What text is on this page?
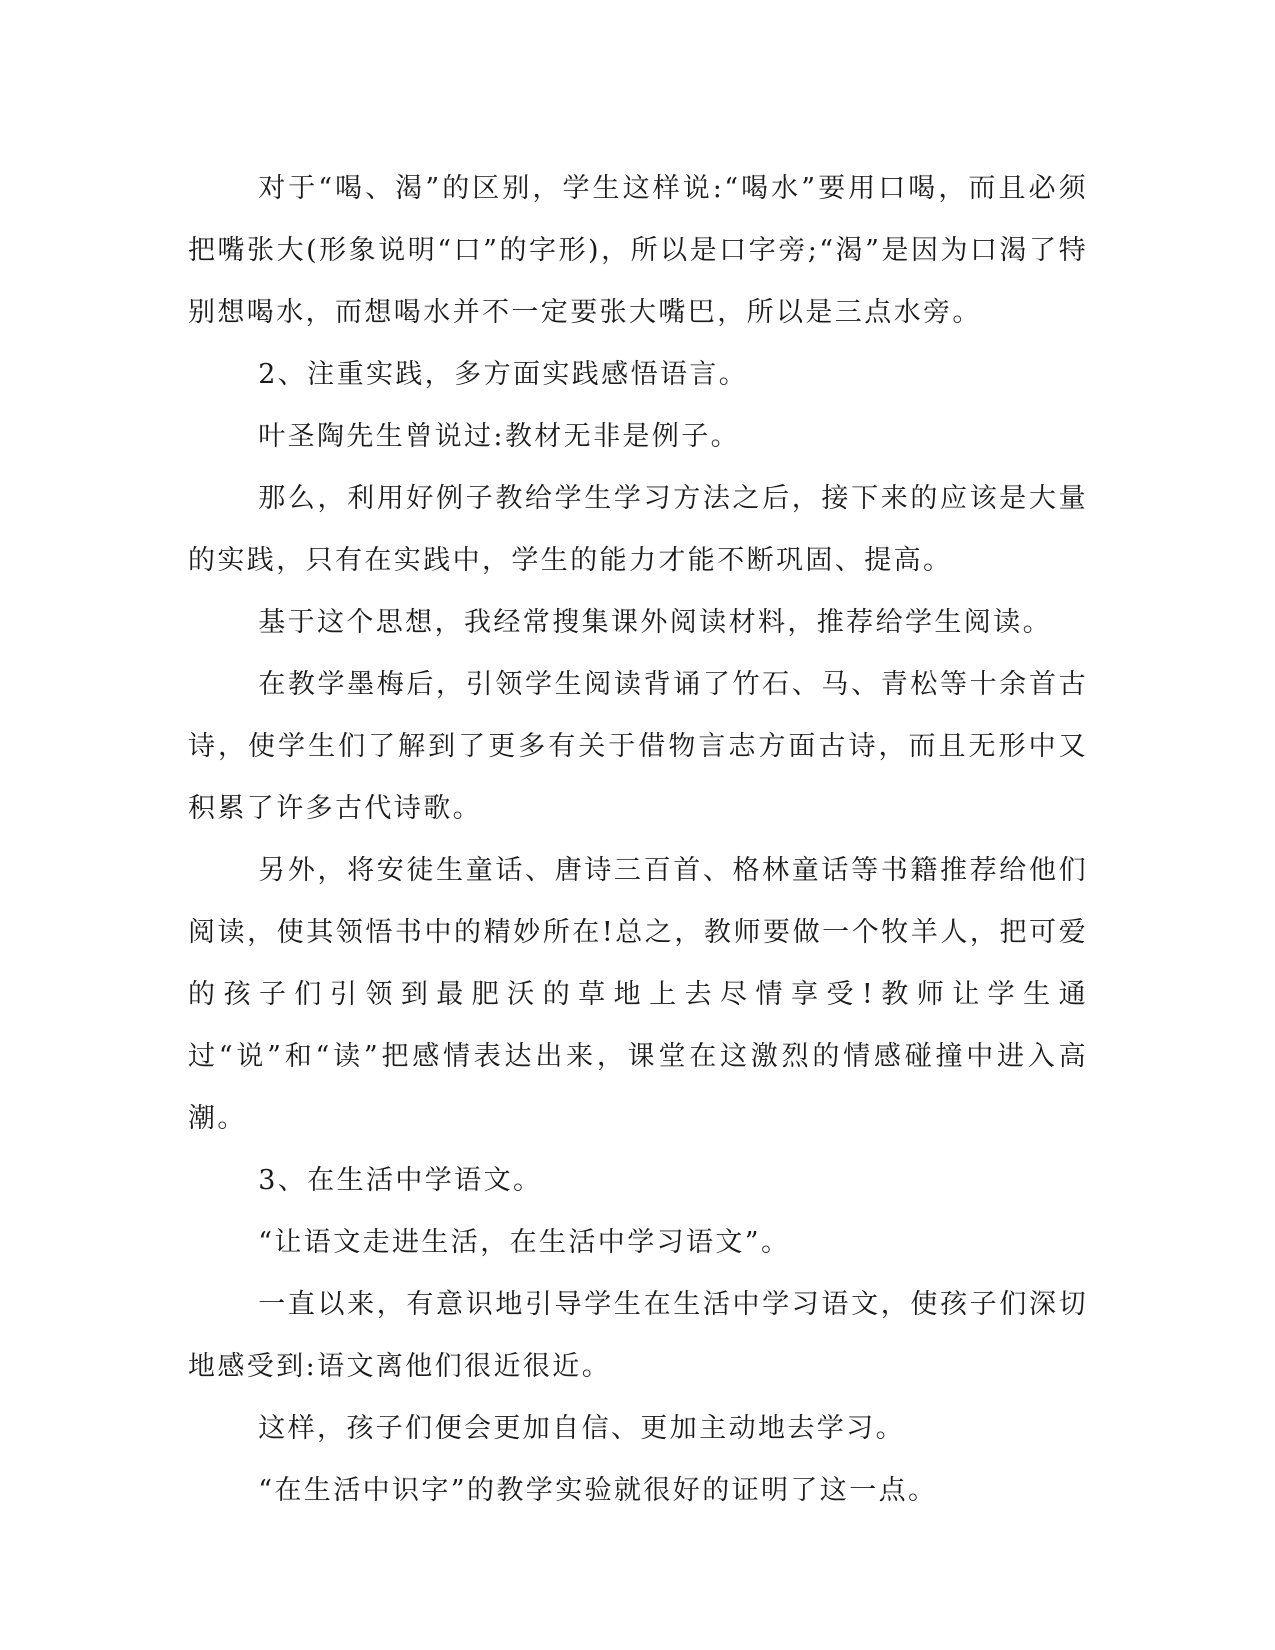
对于“喝、渴”的区别，学生这样说:“喝水”要用口喝，而且必须把嘴张大(形象说明“口”的字形)，所以是口字旁;“渴”是因为口渴了特别想喝水，而想喝水并不一定要张大嘴巴，所以是三点水旁。

2、注重实践，多方面实践感悟语言。

叶圣陶先生曾说过:教材无非是例子。

那么，利用好例子教给学生学习方法之后，接下来的应该是大量的实践，只有在实践中，学生的能力才能不断巩固、提高。

基于这个思想，我经常搜集课外阅读材料，推荐给学生阅读。

在教学墨梅后，引领学生阅读背诵了竹石、马、青松等十余首古诗，使学生们了解到了更多有关于借物言志方面古诗，而且无形中又积累了许多古代诗歌。

另外，将安徒生童话、唐诗三百首、格林童话等书籍推荐给他们阅读，使其领悟书中的精妙所在!总之，教师要做一个牧羊人，把可爱的孩子们引领到最肥沃的草地上去尽情享受!教师让学生通过“说”和“读”把感情表达出来，课堂在这激烈的情感碰撞中进入高潮。

3、在生活中学语文。

“让语文走进生活，在生活中学习语文”。

一直以来，有意识地引导学生在生活中学习语文，使孩子们深切地感受到:语文离他们很近很近。

这样，孩子们便会更加自信、更加主动地去学习。

“在生活中识字”的教学实验就很好的证明了这一点。
